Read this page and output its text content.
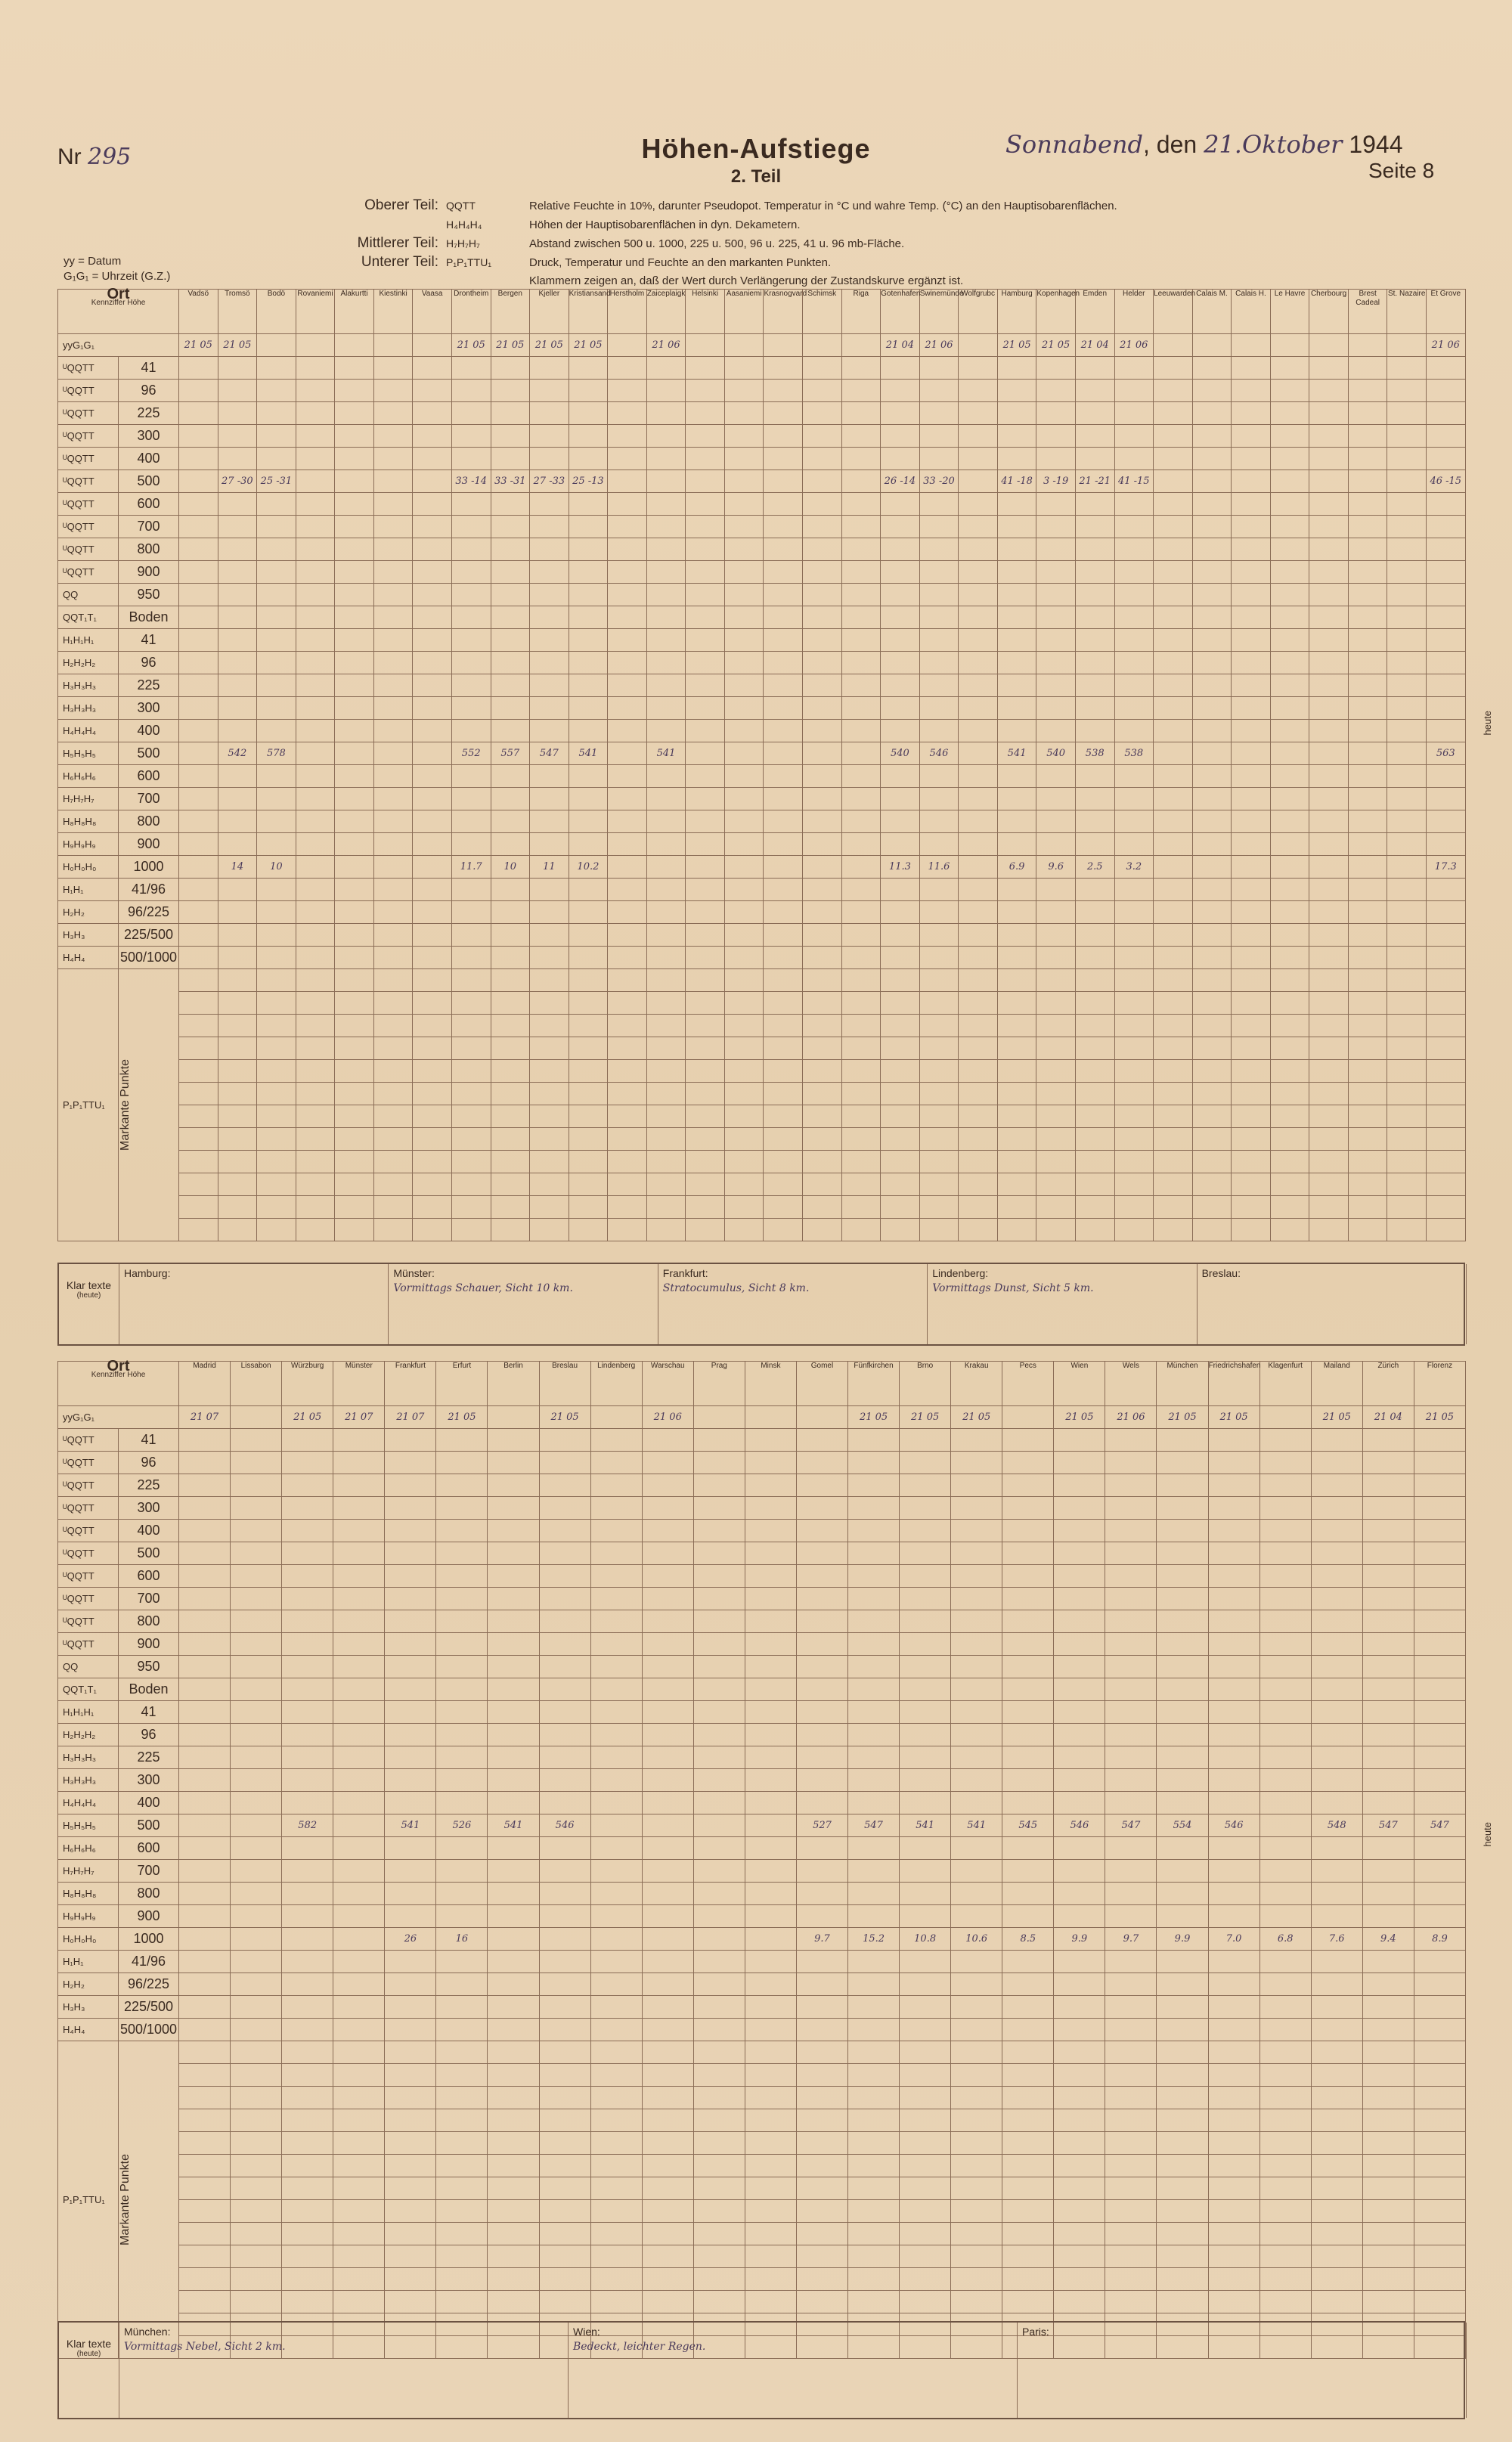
Nr 295	Höhen-Aufstiege
2. Teil
Sonnabend, den 21.Oktober 1944
Seite 8
Oberer Teil: QQTT	Relative Feuchte in 10%, darunter Pseudopot. Temperatur in °C und wahre Temp. (°C) an den Hauptisobarenflächen.
H₄H₄H₄	Höhen der Hauptisobarenflächen in dyn. Dekametern.
Mittlerer Teil: H₇H₇H₇	Abstand zwischen 500 u. 1000, 225 u. 500, 96 u. 225, 41 u. 96 mb-Fläche.
Unterer Teil: P₁P₁TTU₁	Druck, Temperatur und Feuchte an den markanten Punkten.
Klammern zeigen an, daß der Wert durch Verlängerung der Zustandskurve ergänzt ist.
yy = Datum
G₁G₁ = Uhrzeit (G.Z.)
heute
heute
Ort
Kennziffer Höhe		Vadsö	Tromsö	Bodö	Rovaniemi	Alakurtti	Kiestinki	Vaasa	Drontheim	Bergen	Kjeller	Kristiansand	Herstholm	Zaiceplaigk	Helsinki	Aasaniemi	Krasnogvard	Schimsk	Riga	Gotenhafen	Swinemünde	Wolfgrubc	Hamburg	Kopenhagen	Emden	Helder	Leeuwarden	Calais M.	Calais H.	Le Havre	Cherbourg	Brest Cadeal	St. Nazaire	Et Grove
yyG₁G₁		21 05	21 05						21 05	21 05	21 05	21 05		21 06						21 04	21 06		21 05	21 05	21 04	21 06								21 06
ᵁQQTT	41																																	
ᵁQQTT	96																																	
ᵁQQTT	225																																	
ᵁQQTT	300																																	
ᵁQQTT	400																																	
ᵁQQTT	500		27 -30	25 -31					33 -14	33 -31	27 -33	25 -13								26 -14	33 -20		41 -18	3 -19	21 -21	41 -15								46 -15
ᵁQQTT	600																																	
ᵁQQTT	700																																	
ᵁQQTT	800																																	
ᵁQQTT	900																																	
QQ	950																																	
QQT₁T₁	Boden																																	
H₁H₁H₁	41																																	
H₂H₂H₂	96																																	
H₃H₃H₃	225																																	
H₃H₃H₃	300																																	
H₄H₄H₄	400																																	
H₅H₅H₅	500		542	578					552	557	547	541		541						540	546		541	540	538	538								563
H₆H₆H₆	600																																	
H₇H₇H₇	700																																	
H₈H₈H₈	800																																	
H₉H₉H₉	900																																	
H₀H₀H₀	1000		14	10					11.7	10	11	10.2								11.3	11.6		6.9	9.6	2.5	3.2								17.3
H₁H₁	41/96																																	
H₂H₂	96/225																																	
H₃H₃	225/500																																	
H₄H₄	500/1000																																	
P₁P₁TTU₁	Markante Punkte																																	

Klar texte
(heute)
Hamburg:	Münster:
Vormittags Schauer, Sicht 10 km.
Frankfurt:
Stratocumulus, Sicht 8 km.
Lindenberg:
Vormittags Dunst, Sicht 5 km.
Breslau:
Ort
Kennziffer Höhe		Madrid	Lissabon	Würzburg	Münster	Frankfurt	Erfurt	Berlin	Breslau	Lindenberg	Warschau	Prag	Minsk	Gomel	Fünfkirchen	Brno	Krakau	Pecs	Wien	Wels	München	Friedrichshafen	Klagenfurt	Mailand	Zürich	Florenz
yyG₁G₁		21 07		21 05	21 07	21 07	21 05		21 05		21 06				21 05	21 05	21 05		21 05	21 06	21 05	21 05		21 05	21 04	21 05
ᵁQQTT	41																									
ᵁQQTT	96																									
ᵁQQTT	225																									
ᵁQQTT	300																									
ᵁQQTT	400																									
ᵁQQTT	500																									
ᵁQQTT	600																									
ᵁQQTT	700																									
ᵁQQTT	800																									
ᵁQQTT	900																									
QQ	950																									
QQT₁T₁	Boden																									
H₁H₁H₁	41																									
H₂H₂H₂	96																									
H₃H₃H₃	225																									
H₃H₃H₃	300																									
H₄H₄H₄	400																									
H₅H₅H₅	500			582		541	526	541	546					527	547	541	541	545	546	547	554	546		548	547	547
H₆H₆H₆	600																									
H₇H₇H₇	700																									
H₈H₈H₈	800																									
H₉H₉H₉	900																									
H₀H₀H₀	1000					26	16							9.7	15.2	10.8	10.6	8.5	9.9	9.7	9.9	7.0	6.8	7.6	9.4	8.9
H₁H₁	41/96																									
H₂H₂	96/225																									
H₃H₃	225/500																									
H₄H₄	500/1000																									
P₁P₁TTU₁	Markante Punkte																									

Klar texte
(heute)
München:
Vormittags Nebel, Sicht 2 km.
Wien:
Bedeckt, leichter Regen.
Paris:
